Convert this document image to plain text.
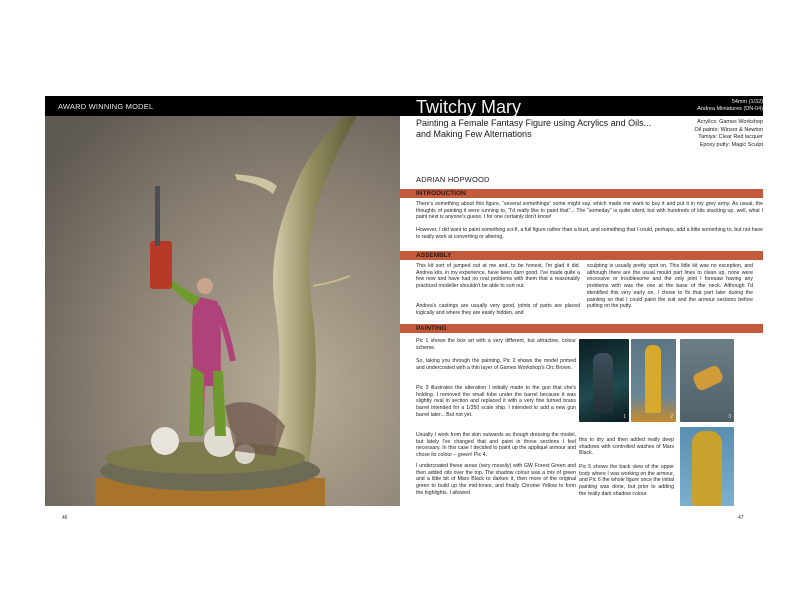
AWARD WINNING MODEL	Twitchy Mary	54mm (1/32)
Andrea Miniatures (DN-04)
Painting a Female Fantasy Figure using Acrylics and Oils...
and Making Few Alternations
Acrylics: Games Workshop
Oil paints: Winsor & Newton
Tamiya: Clear Red lacquer
Epoxy putty: Magic Sculpt
ADRIAN HOPWOOD
INTRODUCTION
There's something about this figure, “several somethings” some might say, which made me want to buy it and put it in my grey army. As usual, the thoughts of painting it were running to, “I'd really like to paint that”... The “someday” is quite silent, but with hundreds of kits stacking up, well, what I paint next is anyone's guess. I for one certainly don't know!
However, I did want to paint something sci-fi, a full figure rather than a bust, and something that I could, perhaps, add a little something to, but not have to really work at converting or altering.
ASSEMBLY
This kit sort of jumped out at me and, to be honest, I'm glad it did. Andrea kits, in my experience, have been darn good. I've made quite a few now and have had no real problems with them that a reasonably practiced modeller shouldn't be able to sort out.
Andrea's castings are usually very good, joints of parts are placed logically and where they are easily hidden, and
sculpting is usually pretty spot on. This little kit was no exception, and although there are the usual mould part lines to clean up, none were excessive or troublesome and the only joint I foresaw having any problems with was the one at the base of the neck. Although I'd identified this very early on, I chose to fix that part later during the painting so that I could paint the suit and the armour sections before putting on the putty.
PAINTING
Pic 1 shows the box art with a very different, but attractive, colour scheme.
So, taking you through the painting, Pic 2 shows the model primed and undercoated with a thin layer of Games Workshop's Orc Brown.
Pic 3 illustrates the alteration I initially made to the gun that she's holding. I removed the small tube under the barrel because it was slightly oval in section and replaced it with a very fine turned brass barrel intended for a 1/350 scale ship. I intended to add a new gun barrel later... But not yet.
Usually I work from the skin outwards as though dressing the model, but lately I've changed that and paint in those sections I feel necessary. In this case I decided to paint up the appliqué armour and chose its colour – green! Pic 4.
I undercoated these areas (very messily) with GW Forest Green and then added oils over the top. The shadow colour was a mix of green and a little bit of Mars Black to darken it, then more of the original green to build up the mid-tones, and finally Chrome Yellow to form the highlights. I allowed
this to dry and then added really deep shadows with controlled washes of Mars Black.
Pic 5 shows the back view of the upper body where I was working on the armour, and Pic 6 the whole figure once the initial painting was done, but prior to adding the really dark shadow colour.
1	2	3
46	47
